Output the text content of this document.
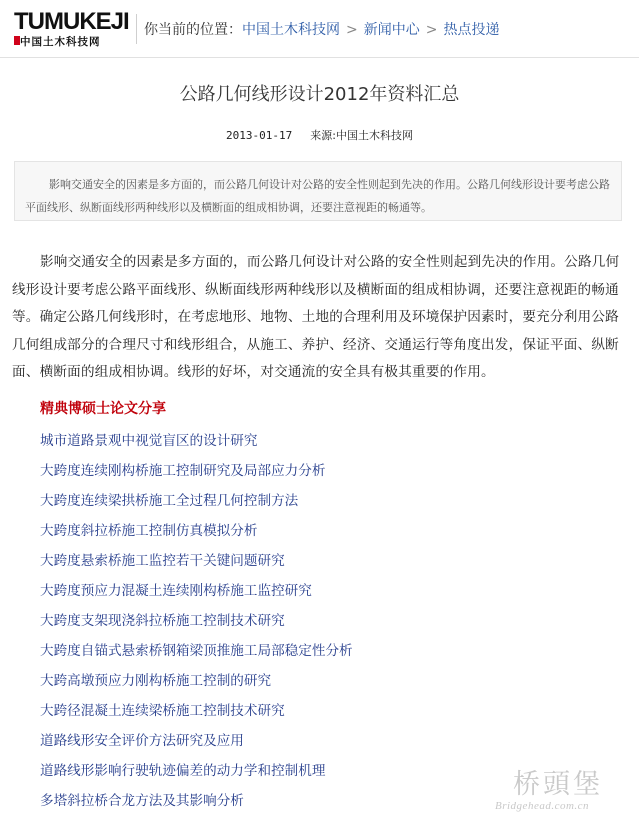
TUMUKEJI
中国土木科技网
你当前的位置：中国土木科技网 > 新闻中心 > 热点投递
公路几何线形设计2012年资料汇总
2013-01-17 来源:中国土木科技网
影响交通安全的因素是多方面的，而公路几何设计对公路的安全性则起到先决的作用。公路几何线形设计要考虑公路平面线形、纵断面线形两种线形以及横断面的组成相协调，还要注意视距的畅通等。
影响交通安全的因素是多方面的，而公路几何设计对公路的安全性则起到先决的作用。公路几何线形设计要考虑公路平面线形、纵断面线形两种线形以及横断面的组成相协调，还要注意视距的畅通等。确定公路几何线形时，在考虑地形、地物、土地的合理利用及环境保护因素时，要充分利用公路几何组成部分的合理尺寸和线形组合，从施工、养护、经济、交通运行等角度出发，保证平面、纵断面、横断面的组成相协调。线形的好坏，对交通流的安全具有极其重要的作用。
精典博硕士论文分享
城市道路景观中视觉盲区的设计研究
大跨度连续刚构桥施工控制研究及局部应力分析
大跨度连续梁拱桥施工全过程几何控制方法
大跨度斜拉桥施工控制仿真模拟分析
大跨度悬索桥施工监控若干关键问题研究
大跨度预应力混凝土连续刚构桥施工监控研究
大跨度支架现浇斜拉桥施工控制技术研究
大跨度自锚式悬索桥钢箱梁顶推施工局部稳定性分析
大跨高墩预应力刚构桥施工控制的研究
大跨径混凝土连续梁桥施工控制技术研究
道路线形安全评价方法研究及应用
道路线形影响行驶轨迹偏差的动力学和控制机理
多塔斜拉桥合龙方法及其影响分析
桥頭堡
Bridgehead.com.cn
